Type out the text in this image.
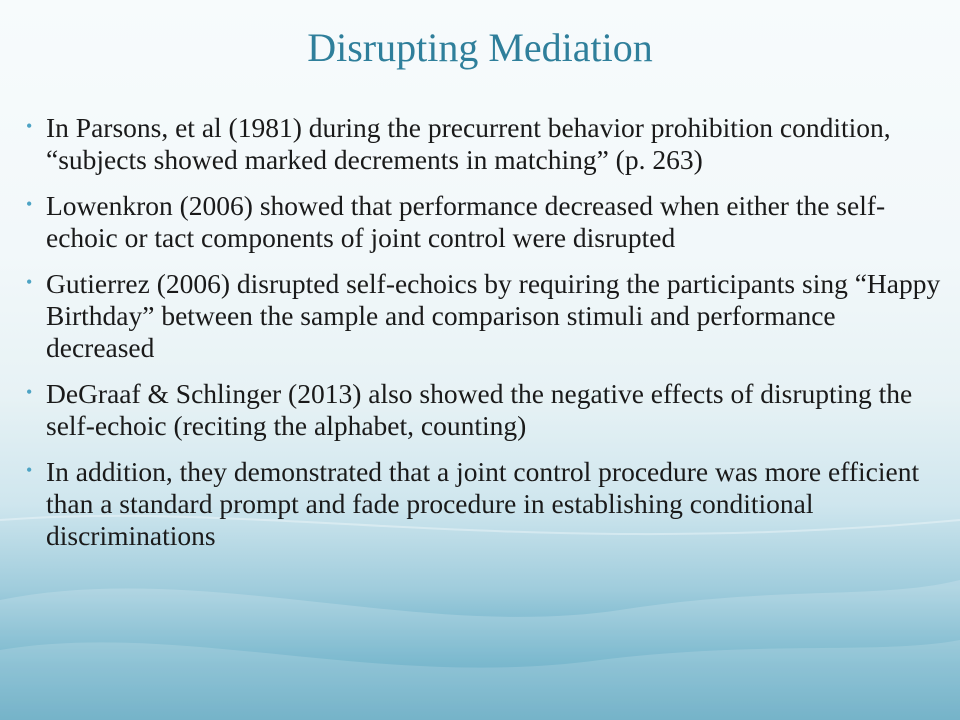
Disrupting Mediation
• In Parsons, et al (1981) during the precurrent behavior prohibition condition, “subjects showed marked decrements in matching” (p. 263)
• Lowenkron (2006) showed that performance decreased when either the self-echoic or tact components of joint control were disrupted
• Gutierrez (2006) disrupted self-echoics by requiring the participants sing “Happy Birthday” between the sample and comparison stimuli and performance decreased
• DeGraaf & Schlinger (2013) also showed the negative effects of disrupting the self-echoic (reciting the alphabet, counting)
• In addition, they demonstrated that a joint control procedure was more efficient than a standard prompt and fade procedure in establishing conditional discriminations
